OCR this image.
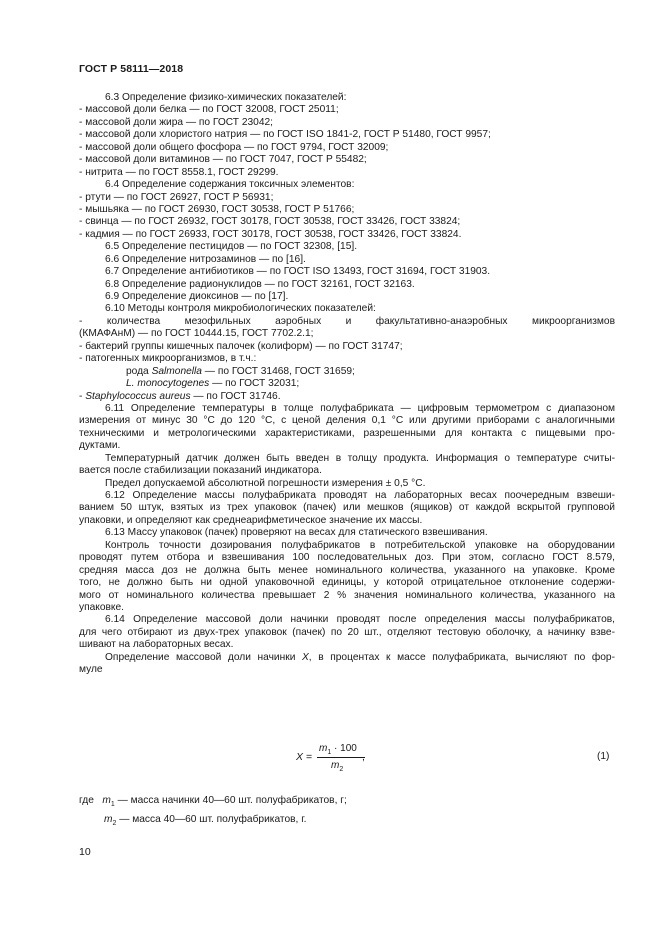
ГОСТ Р 58111—2018
6.3 Определение физико-химических показателей:
- массовой доли белка — по ГОСТ 32008, ГОСТ 25011;
- массовой доли жира — по ГОСТ 23042;
- массовой доли хлористого натрия — по ГОСТ ISO 1841-2, ГОСТ Р 51480, ГОСТ 9957;
- массовой доли общего фосфора — по ГОСТ 9794, ГОСТ 32009;
- массовой доли витаминов — по ГОСТ 7047, ГОСТ Р 55482;
- нитрита — по ГОСТ 8558.1, ГОСТ 29299.
6.4 Определение содержания токсичных элементов:
- ртути — по ГОСТ 26927, ГОСТ Р 56931;
- мышьяка — по ГОСТ 26930, ГОСТ 30538, ГОСТ Р 51766;
- свинца — по ГОСТ 26932, ГОСТ 30178, ГОСТ 30538, ГОСТ 33426, ГОСТ 33824;
- кадмия — по ГОСТ 26933, ГОСТ 30178, ГОСТ 30538, ГОСТ 33426, ГОСТ 33824.
6.5 Определение пестицидов — по ГОСТ 32308, [15].
6.6 Определение нитрозаминов — по [16].
6.7 Определение антибиотиков — по ГОСТ ISO 13493, ГОСТ 31694, ГОСТ 31903.
6.8 Определение радионуклидов — по ГОСТ 32161, ГОСТ 32163.
6.9 Определение диоксинов — по [17].
6.10 Методы контроля микробиологических показателей:
- количества мезофильных аэробных и факультативно-анаэробных микроорганизмов
(КМАФАнМ) — по ГОСТ 10444.15, ГОСТ 7702.2.1;
- бактерий группы кишечных палочек (колиформ) — по ГОСТ 31747;
- патогенных микроорганизмов, в т.ч.:
рода Salmonella — по ГОСТ 31468, ГОСТ 31659;
L. monocytogenes — по ГОСТ 32031;
- Staphylococcus aureus — по ГОСТ 31746.
6.11 Определение температуры в толще полуфабриката — цифровым термометром с диапазоном
измерения от минус 30 °С до 120 °С, с ценой деления 0,1 °С или другими приборами с аналогичными
техническими и метрологическими характеристиками, разрешенными для контакта с пищевыми про-
дуктами.
Температурный датчик должен быть введен в толщу продукта. Информация о температуре считы-
вается после стабилизации показаний индикатора.
Предел допускаемой абсолютной погрешности измерения ± 0,5 °С.
6.12 Определение массы полуфабриката проводят на лабораторных весах поочередным взвеши-
ванием 50 штук, взятых из трех упаковок (пачек) или мешков (ящиков) от каждой вскрытой групповой
упаковки, и определяют как среднеарифметическое значение их массы.
6.13 Массу упаковок (пачек) проверяют на весах для статического взвешивания.
Контроль точности дозирования полуфабрикатов в потребительской упаковке на оборудовании
проводят путем отбора и взвешивания 100 последовательных доз. При этом, согласно ГОСТ 8.579,
средняя масса доз не должна быть менее номинального количества, указанного на упаковке. Кроме
того, не должно быть ни одной упаковочной единицы, у которой отрицательное отклонение содержи-
мого от номинального количества превышает 2 % значения номинального количества, указанного на
упаковке.
6.14 Определение массовой доли начинки проводят после определения массы полуфабрикатов,
для чего отбирают из двух-трех упаковок (пачек) по 20 шт., отделяют тестовую оболочку, а начинку взве-
шивают на лабораторных весах.
Определение массовой доли начинки X, в процентах к массе полуфабриката, вычисляют по фор-
муле
X =
$m_1 \cdot 100$
$m_2$
,	(1)
где $m_1$ — масса начинки 40—60 шт. полуфабрикатов, г;
$m_2$ — масса 40—60 шт. полуфабрикатов, г.
10
